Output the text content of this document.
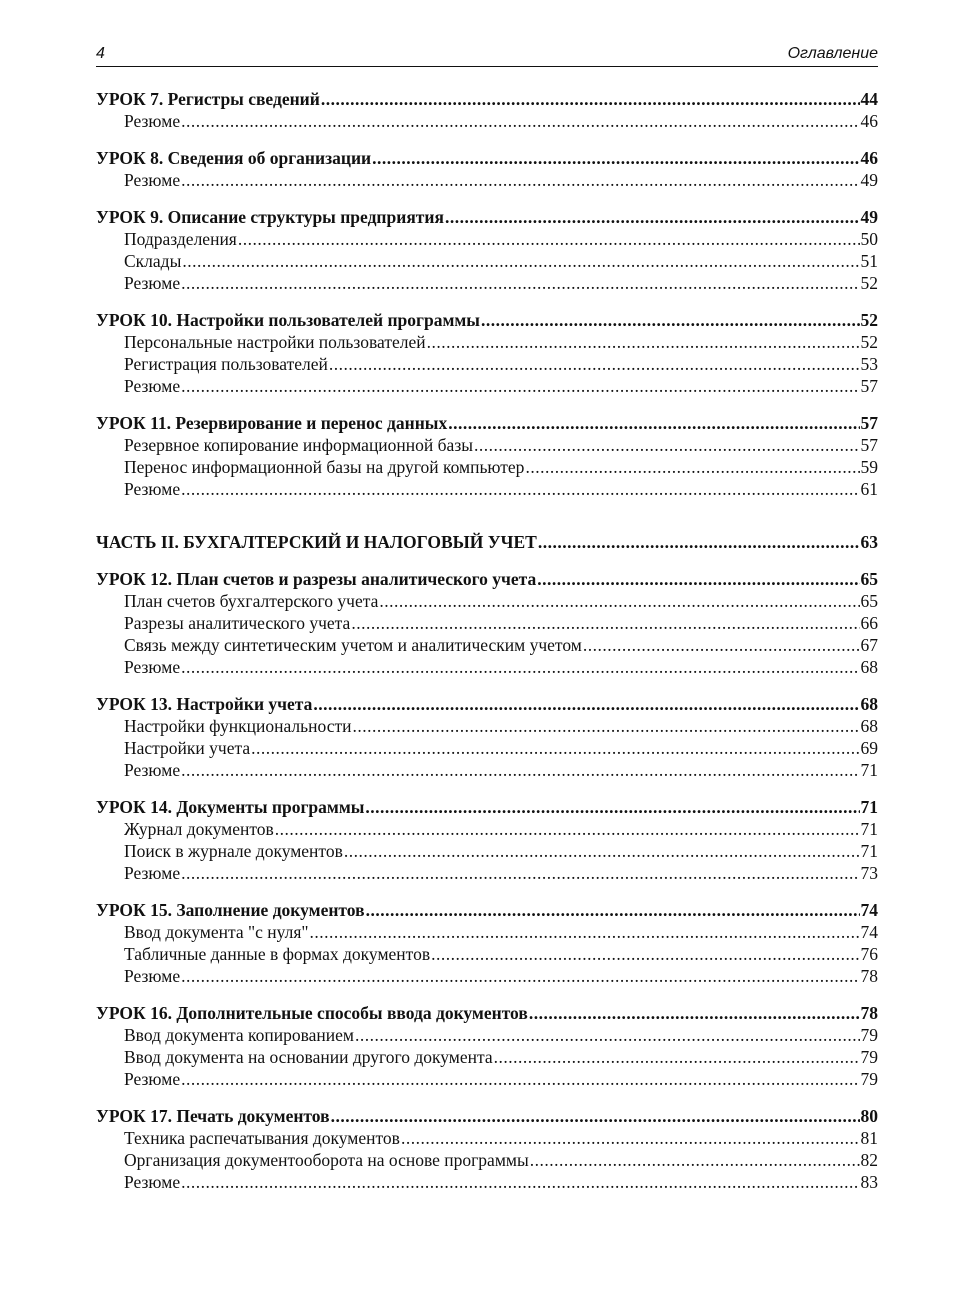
4	Оглавление
УРОК 7. Регистры сведений .....	44
Резюме .....	46
УРОК 8. Сведения об организации .....	46
Резюме .....	49
УРОК 9. Описание структуры предприятия .....	49
Подразделения .....	50
Склады .....	51
Резюме .....	52
УРОК 10. Настройки пользователей программы .....	52
Персональные настройки пользователей .....	52
Регистрация пользователей .....	53
Резюме .....	57
УРОК 11. Резервирование и перенос данных .....	57
Резервное копирование информационной базы .....	57
Перенос информационной базы на другой компьютер .....	59
Резюме .....	61
ЧАСТЬ II. БУХГАЛТЕРСКИЙ И НАЛОГОВЫЙ УЧЕТ .....	63
УРОК 12. План счетов и разрезы аналитического учета .....	65
План счетов бухгалтерского учета .....	65
Разрезы аналитического учета .....	66
Связь между синтетическим учетом и аналитическим учетом .....	67
Резюме .....	68
УРОК 13. Настройки учета .....	68
Настройки функциональности .....	68
Настройки учета .....	69
Резюме .....	71
УРОК 14. Документы программы .....	71
Журнал документов .....	71
Поиск в журнале документов .....	71
Резюме .....	73
УРОК 15. Заполнение документов .....	74
Ввод документа "с нуля" .....	74
Табличные данные в формах документов .....	76
Резюме .....	78
УРОК 16. Дополнительные способы ввода документов .....	78
Ввод документа копированием .....	79
Ввод документа на основании другого документа .....	79
Резюме .....	79
УРОК 17. Печать документов .....	80
Техника распечатывания документов .....	81
Организация документооборота на основе программы .....	82
Резюме .....	83
